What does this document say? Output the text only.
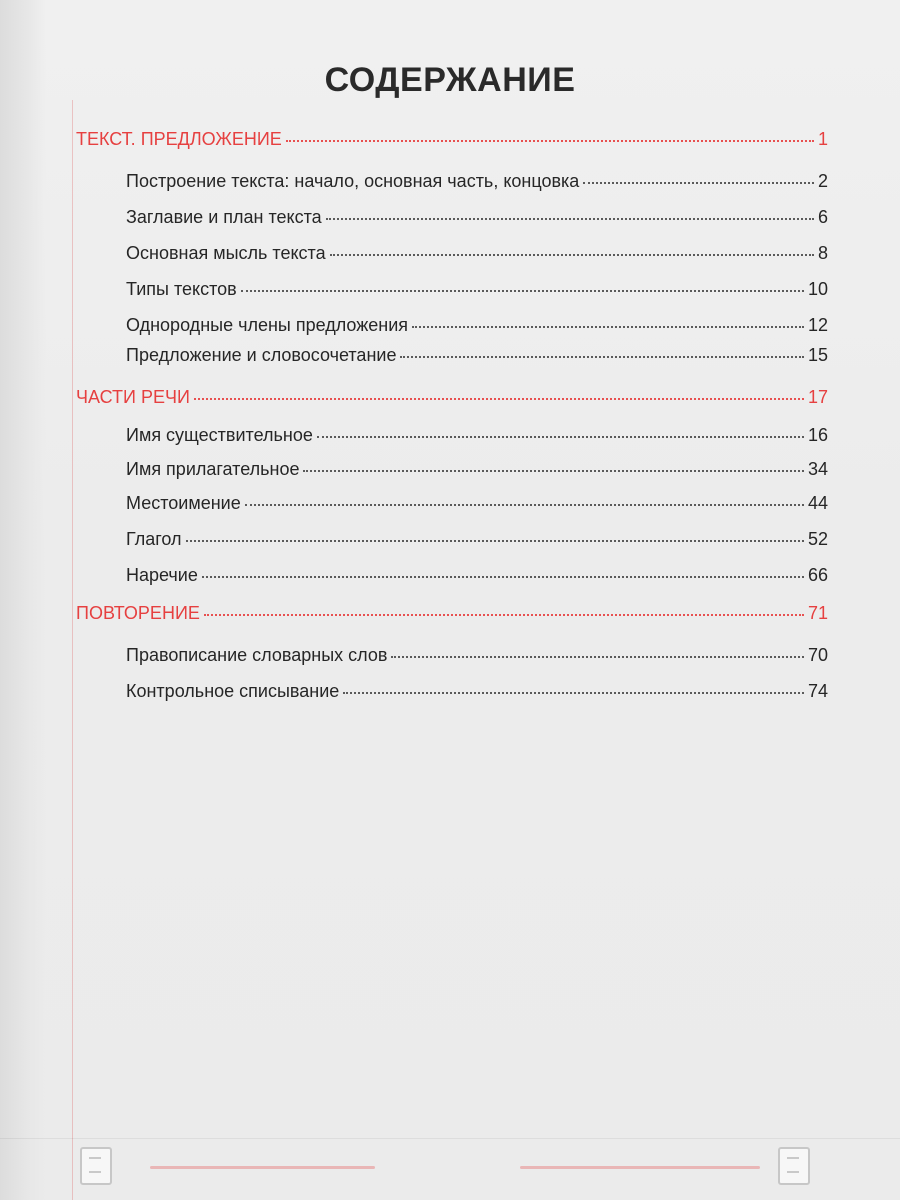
СОДЕРЖАНИЕ
ТЕКСТ. ПРЕДЛОЖЕНИЕ	1
Построение текста: начало, основная часть, концовка	2
Заглавие и план текста	6
Основная мысль текста	8
Типы текстов	10
Однородные члены предложения	12
Предложение и словосочетание	15
ЧАСТИ РЕЧИ	17
Имя существительное	16
Имя прилагательное	34
Местоимение	44
Глагол	52
Наречие	66
ПОВТОРЕНИЕ	71
Правописание словарных слов	70
Контрольное списывание	74
